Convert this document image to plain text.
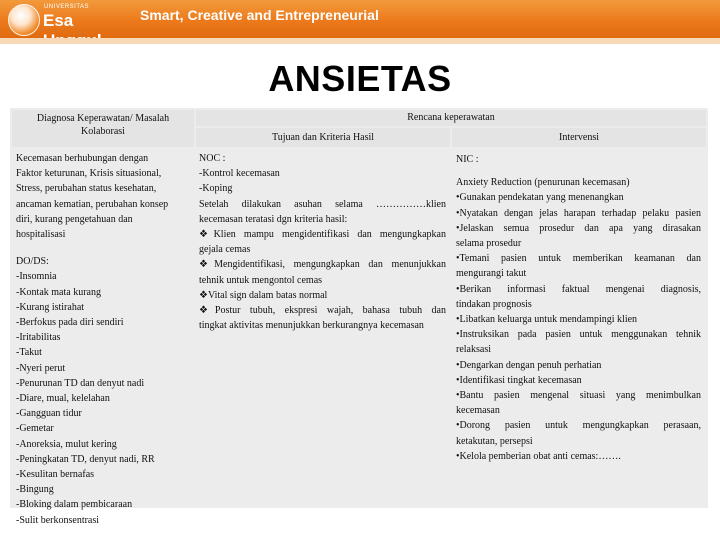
UNIVERSITAS
Esa	Smart, Creative and Entrepreneurial
ANSIETAS
Diagnosa Keperawatan/ Masalah
Kolaborasi
Rencana keperawatan
Tujuan dan Kriteria Hasil	Intervensi
Kecemasan berhubungan dengan
Faktor keturunan, Krisis situasional,
Stress, perubahan status kesehatan,
ancaman kematian, perubahan konsep
diri, kurang pengetahuan dan
hospitalisasi
DO/DS:
-Insomnia
-Kontak mata kurang
-Kurang istirahat
-Berfokus pada diri sendiri
-Iritabilitas
-Takut
-Nyeri perut
-Penurunan TD dan denyut nadi
-Diare, mual, kelelahan
-Gangguan tidur
-Gemetar
-Anoreksia, mulut kering
-Peningkatan TD, denyut nadi, RR
-Kesulitan bernafas
-Bingung
-Bloking dalam pembicaraan
-Sulit berkonsentrasi
NOC :
-Kontrol kecemasan
-Koping
Setelah dilakukan asuhan selama ……………klien
kecemasan teratasi dgn kriteria hasil:
❖Klien mampu mengidentifikasi dan mengungkapkan
gejala cemas
❖Mengidentifikasi, mengungkapkan dan menunjukkan
tehnik untuk mengontol cemas
❖Vital sign dalam batas normal
❖Postur tubuh, ekspresi wajah, bahasa tubuh dan
tingkat aktivitas menunjukkan berkurangnya kecemasan
NIC :
Anxiety Reduction (penurunan kecemasan)
•Gunakan pendekatan yang menenangkan
•Nyatakan dengan jelas harapan terhadap pelaku pasien
•Jelaskan semua prosedur dan apa yang dirasakan
selama prosedur
•Temani pasien untuk memberikan keamanan dan
mengurangi takut
•Berikan informasi faktual mengenai diagnosis,
tindakan prognosis
•Libatkan keluarga untuk mendampingi klien
•Instruksikan pada pasien untuk menggunakan tehnik
relaksasi
•Dengarkan dengan penuh perhatian
•Identifikasi tingkat kecemasan
•Bantu pasien mengenal situasi yang menimbulkan
kecemasan
•Dorong pasien untuk mengungkapkan perasaan,
ketakutan, persepsi
•Kelola pemberian obat anti cemas:…….
